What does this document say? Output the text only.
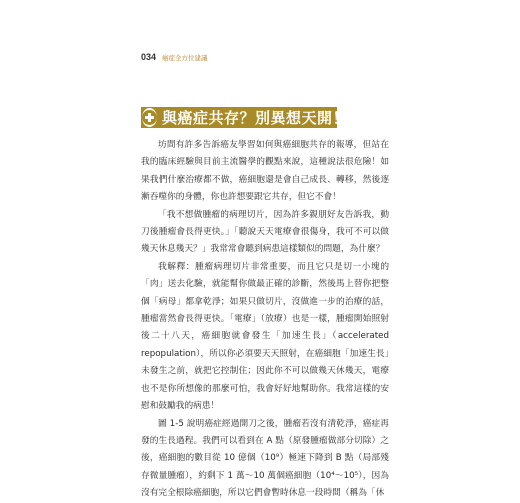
034 癌症全方位建議
與癌症共存？別異想天開！

坊間有許多告訴癌友學習如何與癌細胞共存的報導，但站在我的臨床經驗與目前主流醫學的觀點來說，這種說法很危險！如果我們什麼治療都不做，癌細胞還是會自己成長、轉移，然後逐漸吞噬你的身體，你也許想要跟它共存，但它不會！

「我不想做腫瘤的病理切片，因為許多親朋好友告訴我，動刀後腫瘤會長得更快。」「聽說天天電療會很傷身，我可不可以做幾天休息幾天？」我常常會聽到病患這樣類似的問題，為什麼？

我解釋：腫瘤病理切片非常重要，而且它只是切一小塊的「肉」送去化驗，就能幫你做最正確的診斷，然後馬上替你把整個「病母」都拿乾淨；如果只做切片，沒做進一步的治療的話，腫瘤當然會長得更快。「電療」（放療）也是一樣，腫瘤開始照射後二十八天，癌細胞就會發生「加速生長」（accelerated repopulation），所以你必須要天天照射，在癌細胞「加速生長」未發生之前，就把它控制住；因此你不可以做幾天休幾天，電療也不是你所想像的那麼可怕，我會好好地幫助你。我常這樣的安慰和鼓勵我的病患！

圖 1-5 說明癌症經過開刀之後，腫瘤若沒有清乾淨，癌症再發的生長過程。我們可以看到在 A 點（原發腫瘤做部分切除）之後，癌細胞的數目從 10 億個（10⁹）極速下降到 B 點（局部殘存微量腫瘤），約剩下 1 萬～10 萬個癌細胞（10⁴～10⁵），因為沒有完全根除癌細胞，所以它們會暫時休息一段時間（稱為「休
